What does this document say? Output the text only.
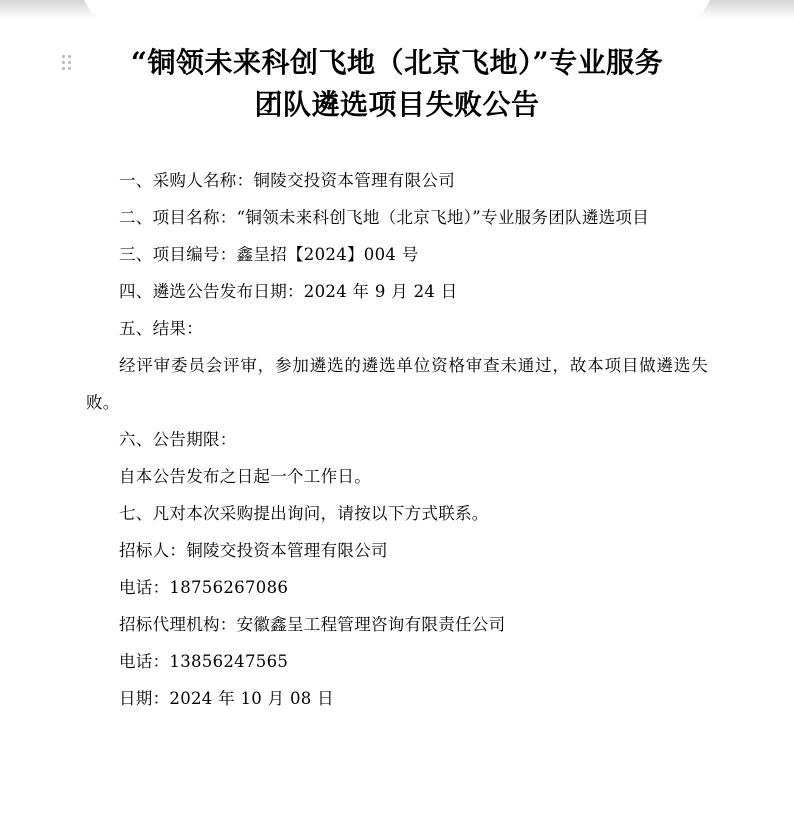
“铜领未来科创飞地（北京飞地）”专业服务
团队遴选项目失败公告

一、采购人名称：铜陵交投资本管理有限公司

二、项目名称：“铜领未来科创飞地（北京飞地）”专业服务团队遴选项目

三、项目编号：鑫呈招【2024】004 号

四、遴选公告发布日期：2024 年 9 月 24 日

五、结果：

经评审委员会评审，参加遴选的遴选单位资格审查未通过，故本项目做遴选失败。

六、公告期限：

自本公告发布之日起一个工作日。

七、凡对本次采购提出询问，请按以下方式联系。

招标人：铜陵交投资本管理有限公司

电话：18756267086

招标代理机构：安徽鑫呈工程管理咨询有限责任公司

电话：13856247565

日期：2024 年 10 月 08 日
